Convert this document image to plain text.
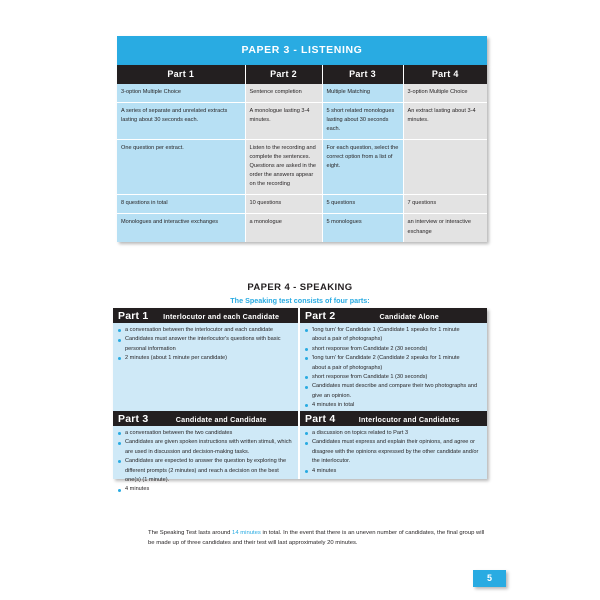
PAPER 3 - LISTENING
Part 1	Part 2	Part 3	Part 4
3-option Multiple Choice	Sentence completion	Multiple Matching	3-option Multiple Choice
A series of separate and unrelated extracts lasting about 30 seconds each.	A monologue lasting 3-4 minutes.	5 short related monologues lasting about 30 seconds each.	An extract lasting about 3-4 minutes.
One question per extract.	Listen to the recording and complete the sentences. Questions are asked in the order the answers appear on the recording	For each question, select the correct option from a list of eight.	
8 questions in total	10 questions	5 questions	7 questions
Monologues and interactive exchanges	a monologue	5 monologues	an interview or interactive exchange
PAPER 4 - SPEAKING
The Speaking test consists of four parts:
Part 1	Interlocutor and each Candidate
a conversation between the interlocutor and each candidate
Candidates must answer the interlocutor's questions with basic personal information
2 minutes (about 1 minute per candidate)
Part 2	Candidate Alone
'long turn' for Candidate 1 (Candidate 1 speaks for 1 minute
about a pair of photographs)
short response from Candidate 2 (30 seconds)
'long turn' for Candidate 2 (Candidate 2 speaks for 1 minute
about a pair of photographs)
short response from Candidate 1 (30 seconds)
Candidates must describe and compare their two photographs and give an opinion.
4 minutes in total
Part 3	Candidate and Candidate
a conversation between the two candidates
Candidates are given spoken instructions with written stimuli, which are used in discussion and decision-making tasks.
Candidates are expected to answer the question by exploring the different prompts (2 minutes) and reach a decision on the best one(s) (1 minute).
4 minutes
Part 4	Interlocutor and Candidates
a discussion on topics related to Part 3
Candidates must express and explain their opinions, and agree or disagree with the opinions expressed by the other candidate and/or the interlocutor.
4 minutes
The Speaking Test lasts around 14 minutes in total. In the event that there is an uneven number of candidates, the final group will be made up of three candidates and their test will last approximately 20 minutes.
5
